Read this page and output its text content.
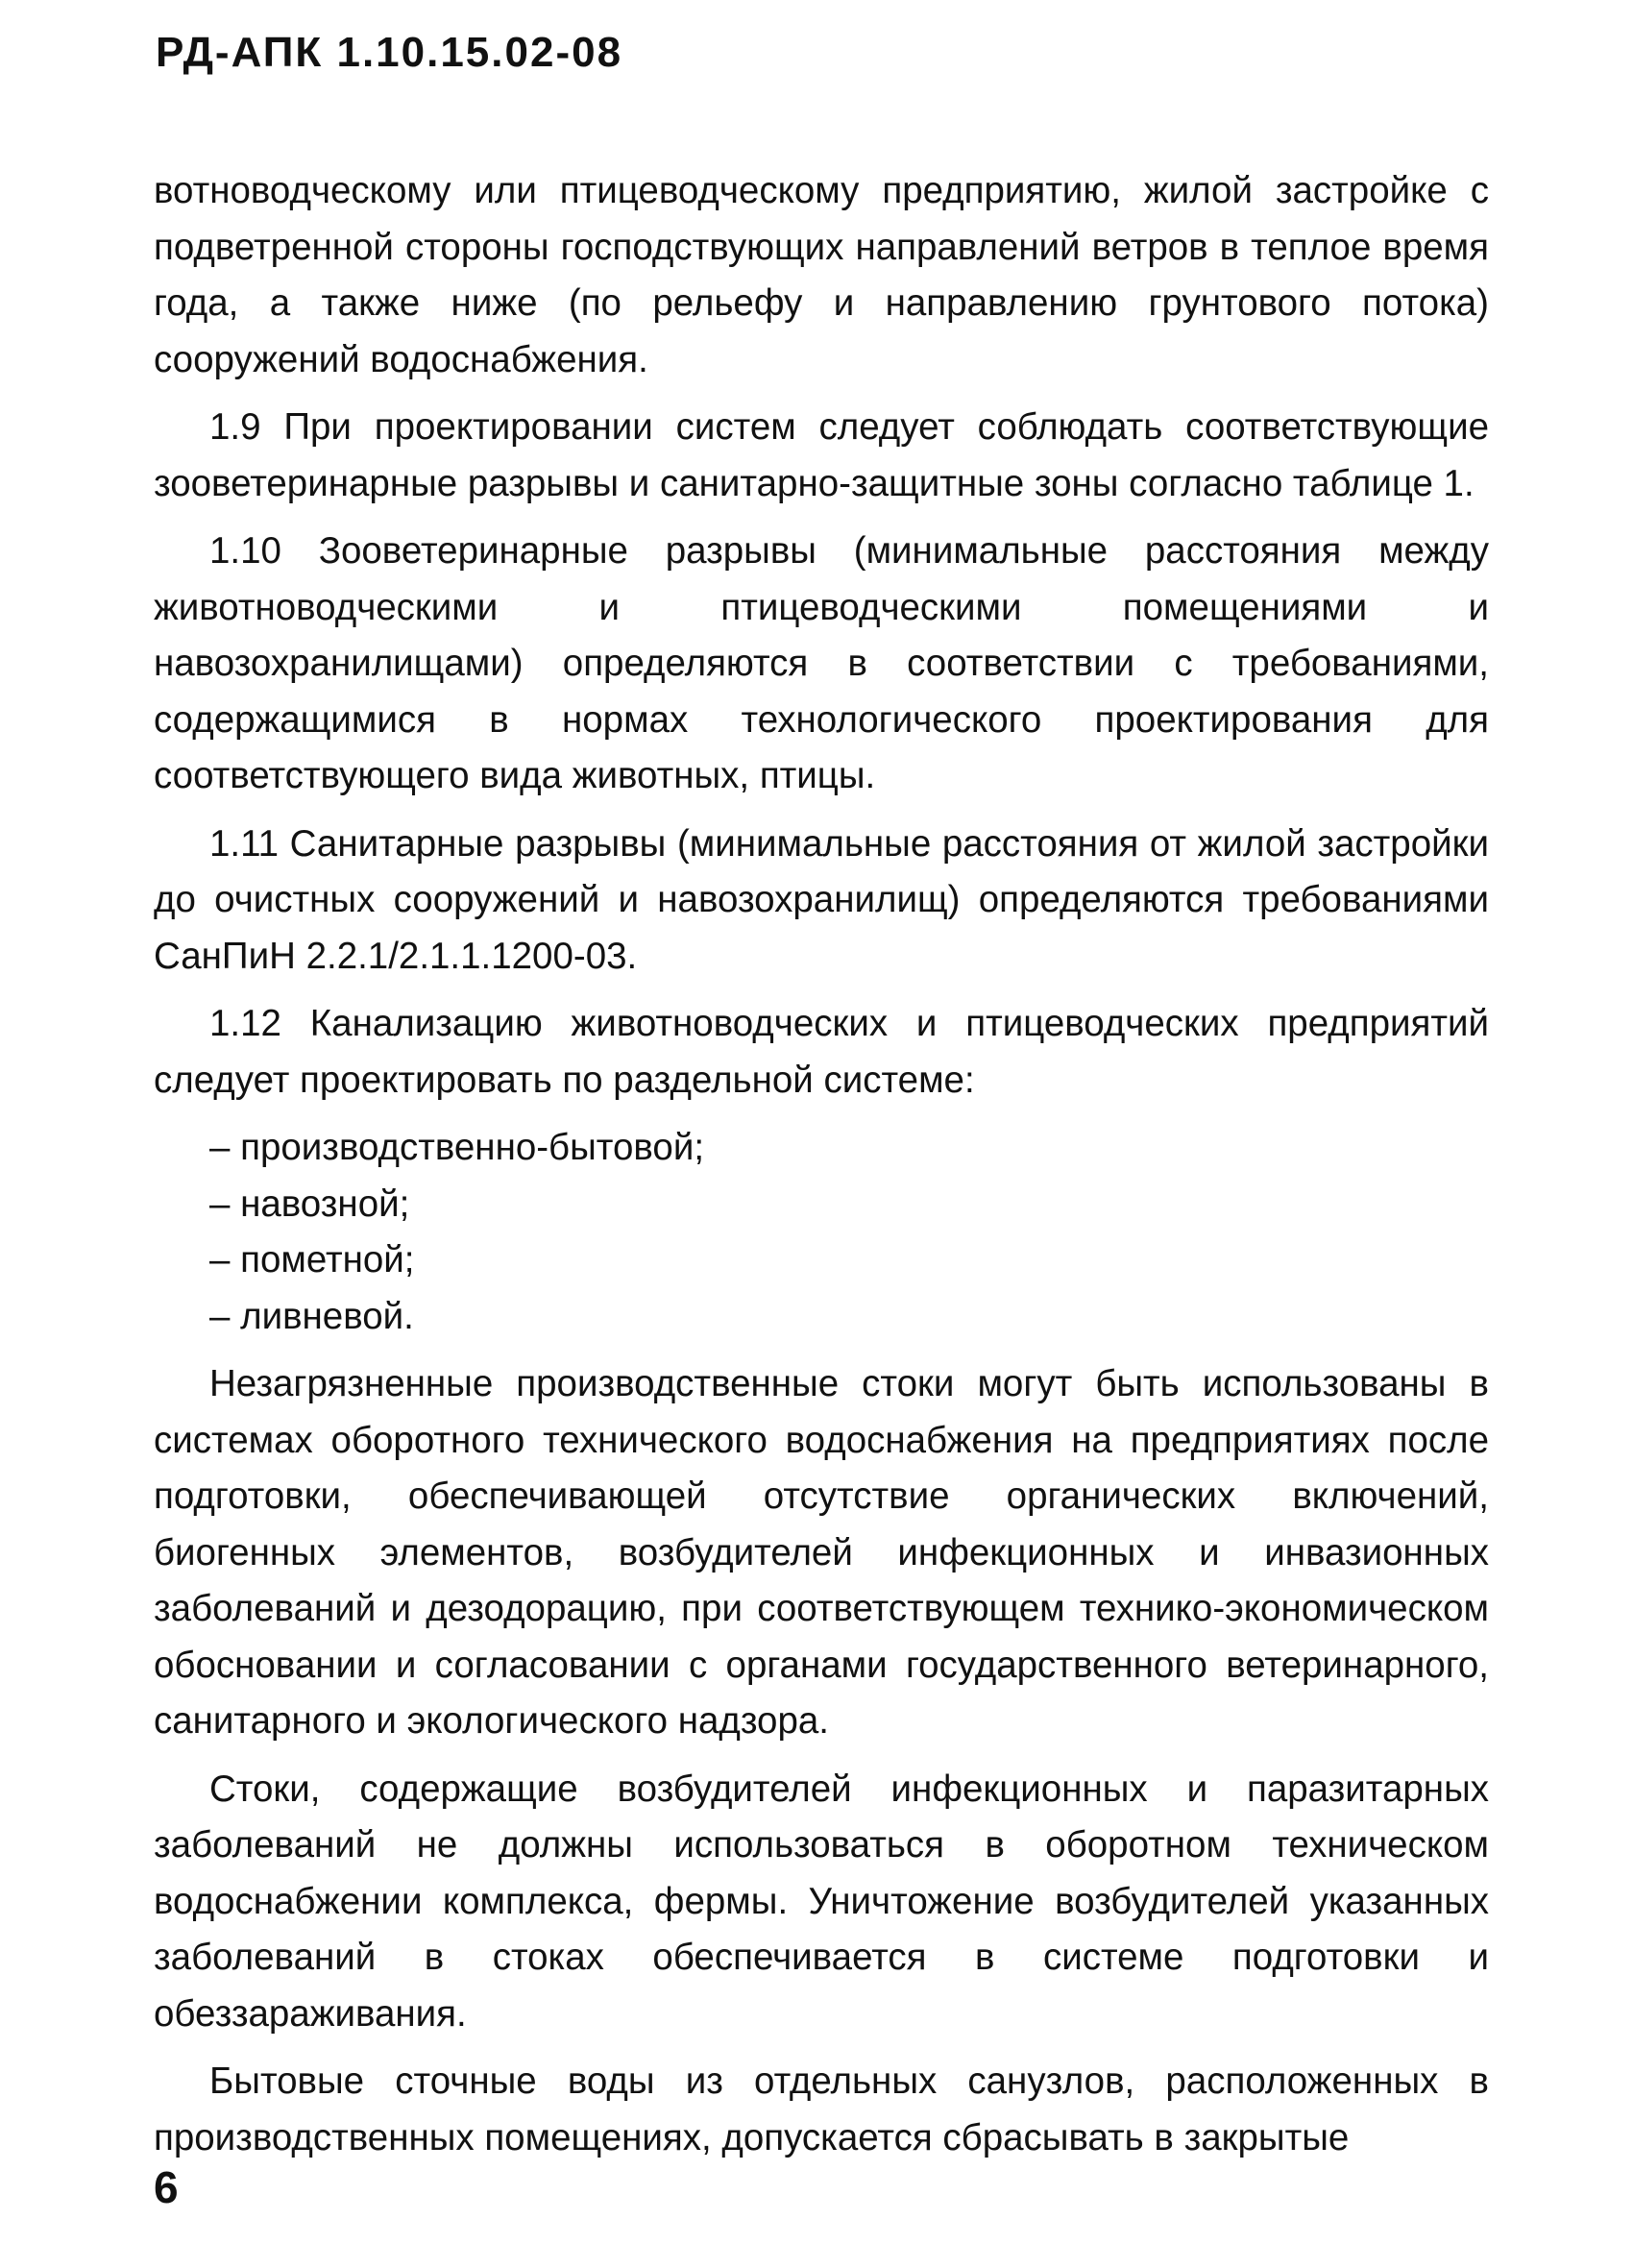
РД-АПК 1.10.15.02-08

вотноводческому или птицеводческому предприятию, жилой застройке с подветренной стороны господствующих направлений ветров в теплое время года, а также ниже (по рельефу и направлению грунтового потока) сооружений водоснабжения.

1.9 При проектировании систем следует соблюдать соответствующие зооветеринарные разрывы и санитарно-защитные зоны согласно таблице 1.

1.10 Зооветеринарные разрывы (минимальные расстояния между животноводческими и птицеводческими помещениями и навозохранилищами) определяются в соответствии с требованиями, содержащимися в нормах технологического проектирования для соответствующего вида животных, птицы.

1.11 Санитарные разрывы (минимальные расстояния от жилой застройки до очистных сооружений и навозохранилищ) определяются требованиями СанПиН 2.2.1/2.1.1.1200-03.

1.12 Канализацию животноводческих и птицеводческих предприятий следует проектировать по раздельной системе:

– производственно-бытовой;
– навозной;
– пометной;
– ливневой.

Незагрязненные производственные стоки могут быть использованы в системах оборотного технического водоснабжения на предприятиях после подготовки, обеспечивающей отсутствие органических включений, биогенных элементов, возбудителей инфекционных и инвазионных заболеваний и дезодорацию, при соответствующем технико-экономическом обосновании и согласовании с органами государственного ветеринарного, санитарного и экологического надзора.

Стоки, содержащие возбудителей инфекционных и паразитарных заболеваний не должны использоваться в оборотном техническом водоснабжении комплекса, фермы. Уничтожение возбудителей указанных заболеваний в стоках обеспечивается в системе подготовки и обеззараживания.

Бытовые сточные воды из отдельных санузлов, расположенных в производственных помещениях, допускается сбрасывать в закрытые

6
